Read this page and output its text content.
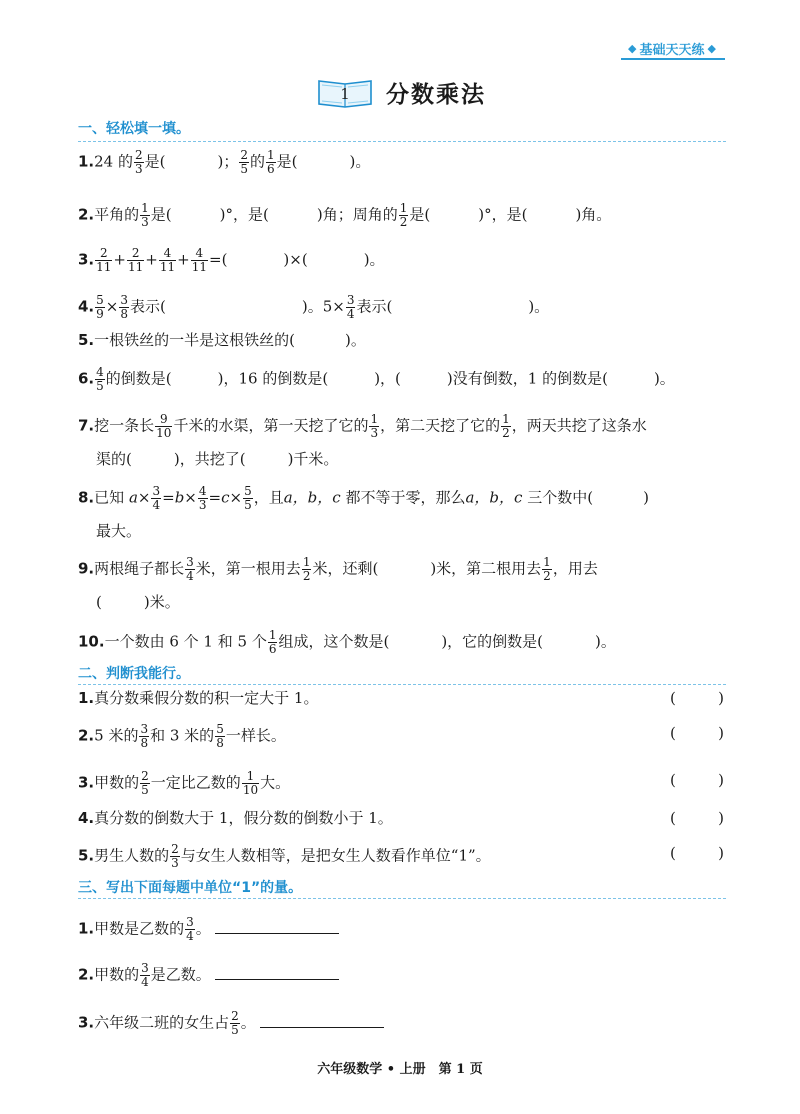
◆ 基础天天练 ◆
1 分数乘法
一、轻松填一填。
1.24 的 $\frac{2}{3}$ 是(	)； $\frac{2}{5}$ 的 $\frac{1}{6}$ 是(	)。
2.平角的 $\frac{1}{3}$ 是(	)°，是(	)角；周角的 $\frac{1}{2}$ 是(	)°，是(	)角。
3. $\frac{2}{11} + \frac{2}{11} + \frac{4}{11} + \frac{4}{11}$ =(	)×(	)。
4. $\frac{5}{9} \times \frac{3}{8}$ 表示(	)。$5\times \frac{3}{4}$ 表示(	)。
5.一根铁丝的一半是这根铁丝的(	)。
6. $\frac{4}{5}$ 的倒数是(	)，16 的倒数是(	)，(	)没有倒数，1 的倒数是(	)。
7.挖一条长 $\frac{9}{10}$ 千米的水渠，第一天挖了它的 $\frac{1}{3}$ ，第二天挖了它的 $\frac{1}{2}$ ，两天共挖了这条水
渠的(	)，共挖了(	)千米。
8.已知 $a\times \frac{3}{4} =b\times \frac{4}{3} =c\times \frac{5}{5}$ ，且a，b，c 都不等于零，那么a，b，c 三个数中(	)
最大。
9.两根绳子都长 $\frac{3}{4}$ 米，第一根用去 $\frac{1}{2}$ 米，还剩(	)米，第二根用去 $\frac{1}{2}$ ，用去
(	)米。
10.一个数由 6 个 1 和 5 个 $\frac{1}{6}$ 组成，这个数是(	)，它的倒数是(	)。
二、判断我能行。
1.真分数乘假分数的积一定大于 1。	(	)
2.5 米的 $\frac{3}{8}$ 和 3 米的 $\frac{5}{8}$ 一样长。	(	)
3.甲数的 $\frac{2}{5}$ 一定比乙数的 $\frac{1}{10}$ 大。	(	)
4.真分数的倒数大于 1，假分数的倒数小于 1。	(	)
5.男生人数的 $\frac{2}{3}$ 与女生人数相等，是把女生人数看作单位“1”。	(	)
三、写出下面每题中单位“1”的量。
1.甲数是乙数的 $\frac{3}{4}$ 。
2.甲数的 $\frac{3}{4}$ 是乙数。
3.六年级二班的女生占 $\frac{2}{5}$ 。
六年级数学 • 上册　第 1 页
